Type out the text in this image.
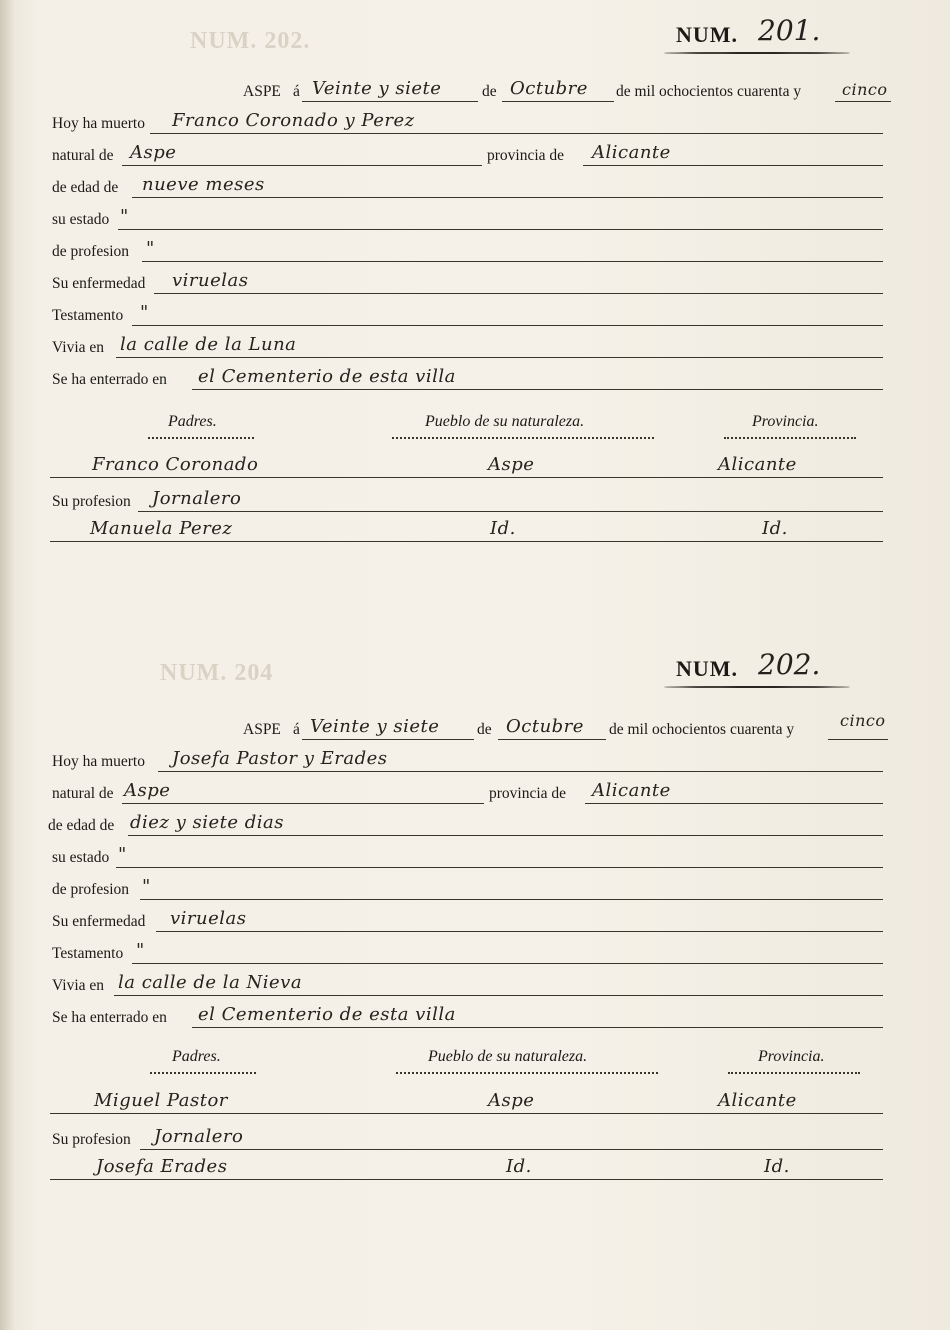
NUM. 202.
NUM. 204
NUM. 201.
ASPE á Veinte y siete	de Octubre de mil ochocientos cuarenta y	cinco
Hoy ha muerto Franco Coronado y Perez
natural de Aspe	provincia de Alicante
de edad de nueve meses
su estado "
de profesion "
Su enfermedad viruelas
Testamento "
Vivia en la calle de la Luna
Se ha enterrado en el Cementerio de esta villa
Padres.	Pueblo de su naturaleza.	Provincia.
Franco Coronado	Aspe	Alicante
Su profesion Jornalero
Manuela Perez	Id.	Id.
NUM. 202.
ASPE á Veinte y siete de Octubre de mil ochocientos cuarenta y	cinco
Hoy ha muerto Josefa Pastor y Erades
natural de Aspe	provincia de Alicante
de edad de diez y siete dias
su estado "
de profesion "
Su enfermedad viruelas
Testamento "
Vivia en la calle de la Nieva
Se ha enterrado en el Cementerio de esta villa
Padres.	Pueblo de su naturaleza.	Provincia.
Miguel Pastor	Aspe	Alicante
Su profesion Jornalero
Josefa Erades	Id.	Id.
